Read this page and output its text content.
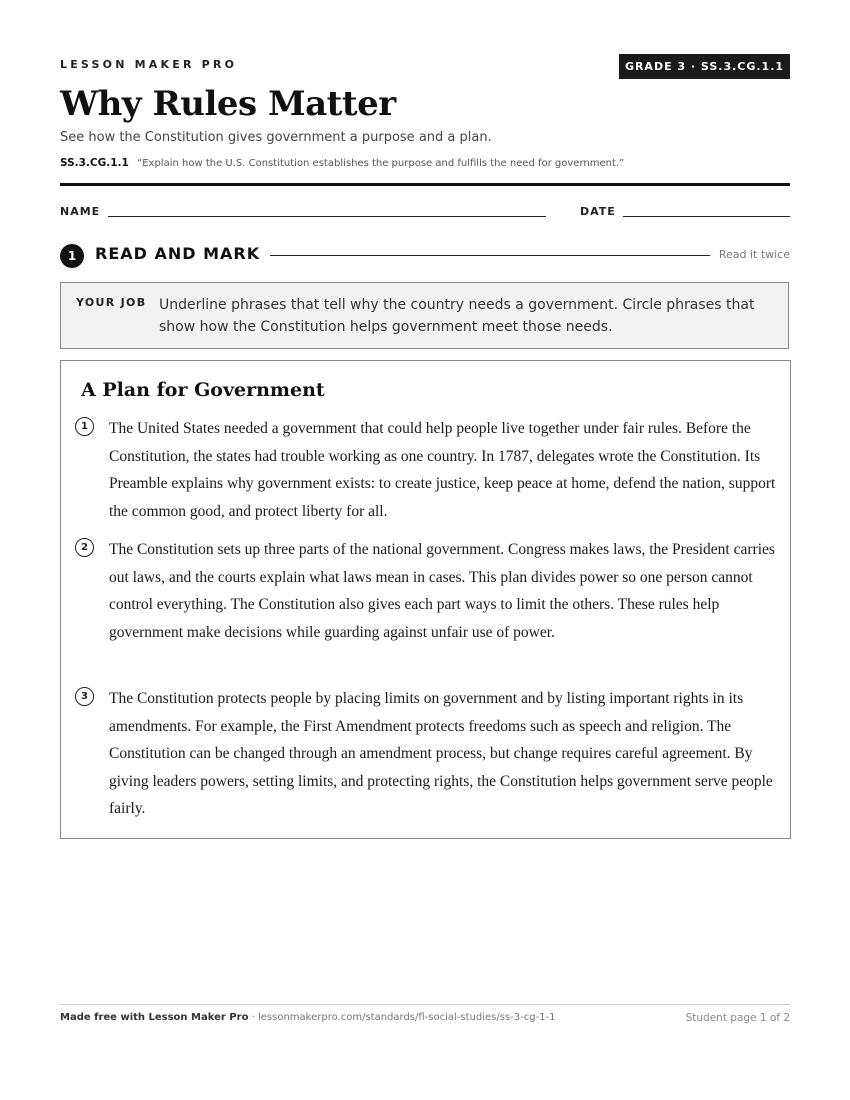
LESSON MAKER PRO	GRADE 3 · SS.3.CG.1.1
Why Rules Matter
See how the Constitution gives government a purpose and a plan.
SS.3.CG.1.1 “Explain how the U.S. Constitution establishes the purpose and fulfills the need for government.”
NAME	DATE
1	READ AND MARK	Read it twice
YOUR JOB Underline phrases that tell why the country needs a government. Circle phrases that show how the Constitution helps government meet those needs.
A Plan for Government
1	The United States needed a government that could help people live together under fair rules. Before the Constitution, the states had trouble working as one country. In 1787, delegates wrote the Constitution. Its Preamble explains why government exists: to create justice, keep peace at home, defend the nation, support the common good, and protect liberty for all.

2	The Constitution sets up three parts of the national government. Congress makes laws, the President carries out laws, and the courts explain what laws mean in cases. This plan divides power so one person cannot control everything. The Constitution also gives each part ways to limit the others. These rules help government make decisions while guarding against unfair use of power.

3	The Constitution protects people by placing limits on government and by listing important rights in its amendments. For example, the First Amendment protects freedoms such as speech and religion. The Constitution can be changed through an amendment process, but change requires careful agreement. By giving leaders powers, setting limits, and protecting rights, the Constitution helps government serve people fairly.

Made free with Lesson Maker Pro · lessonmakerpro.com/standards/fl-social-studies/ss-3-cg-1-1	Student page 1 of 2
